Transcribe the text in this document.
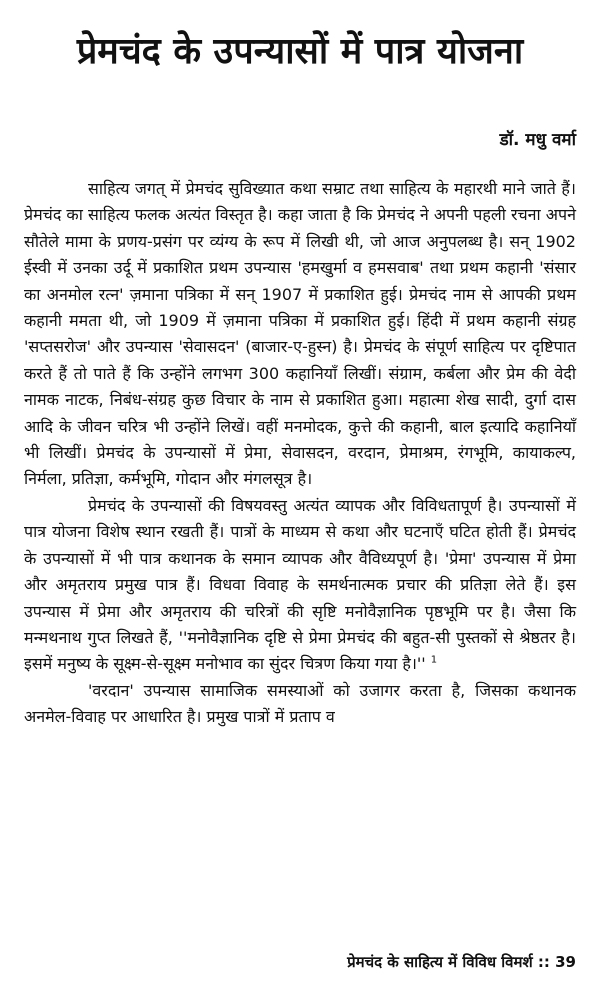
प्रेमचंद के उपन्यासों में पात्र योजना
डॉ. मधु वर्मा

साहित्य जगत् में प्रेमचंद सुविख्यात कथा सम्राट तथा साहित्य के महारथी माने जाते हैं। प्रेमचंद का साहित्य फलक अत्यंत विस्तृत है। कहा जाता है कि प्रेमचंद ने अपनी पहली रचना अपने सौतेले मामा के प्रणय-प्रसंग पर व्यंग्य के रूप में लिखी थी, जो आज अनुपलब्ध है। सन् 1902 ईस्वी में उनका उर्दू में प्रकाशित प्रथम उपन्यास 'हमखुर्मा व हमसवाब' तथा प्रथम कहानी 'संसार का अनमोल रत्न' ज़माना पत्रिका में सन् 1907 में प्रकाशित हुई। प्रेमचंद नाम से आपकी प्रथम कहानी ममता थी, जो 1909 में ज़माना पत्रिका में प्रकाशित हुई। हिंदी में प्रथम कहानी संग्रह 'सप्तसरोज' और उपन्यास 'सेवासदन' (बाजार-ए-हुस्न) है। प्रेमचंद के संपूर्ण साहित्य पर दृष्टिपात करते हैं तो पाते हैं कि उन्होंने लगभग 300 कहानियाँ लिखीं। संग्राम, कर्बला और प्रेम की वेदी नामक नाटक, निबंध-संग्रह कुछ विचार के नाम से प्रकाशित हुआ। महात्मा शेख सादी, दुर्गा दास आदि के जीवन चरित्र भी उन्होंने लिखें। वहीं मनमोदक, कुत्ते की कहानी, बाल इत्यादि कहानियाँ भी लिखीं। प्रेमचंद के उपन्यासों में प्रेमा, सेवासदन, वरदान, प्रेमाश्रम, रंगभूमि, कायाकल्प, निर्मला, प्रतिज्ञा, कर्मभूमि, गोदान और मंगलसूत्र है।

प्रेमचंद के उपन्यासों की विषयवस्तु अत्यंत व्यापक और विविधतापूर्ण है। उपन्यासों में पात्र योजना विशेष स्थान रखती हैं। पात्रों के माध्यम से कथा और घटनाएँ घटित होती हैं। प्रेमचंद के उपन्यासों में भी पात्र कथानक के समान व्यापक और वैविध्यपूर्ण है। 'प्रेमा' उपन्यास में प्रेमा और अमृतराय प्रमुख पात्र हैं। विधवा विवाह के समर्थनात्मक प्रचार की प्रतिज्ञा लेते हैं। इस उपन्यास में प्रेमा और अमृतराय की चरित्रों की सृष्टि मनोवैज्ञानिक पृष्ठभूमि पर है। जैसा कि मन्मथनाथ गुप्त लिखते हैं, ''मनोवैज्ञानिक दृष्टि से प्रेमा प्रेमचंद की बहुत-सी पुस्तकों से श्रेष्ठतर है। इसमें मनुष्य के सूक्ष्म-से-सूक्ष्म मनोभाव का सुंदर चित्रण किया गया है।'' $^1$

'वरदान' उपन्यास सामाजिक समस्याओं को उजागर करता है, जिसका कथानक अनमेल-विवाह पर आधारित है। प्रमुख पात्रों में प्रताप व

प्रेमचंद के साहित्य में विविध विमर्श :: 39
